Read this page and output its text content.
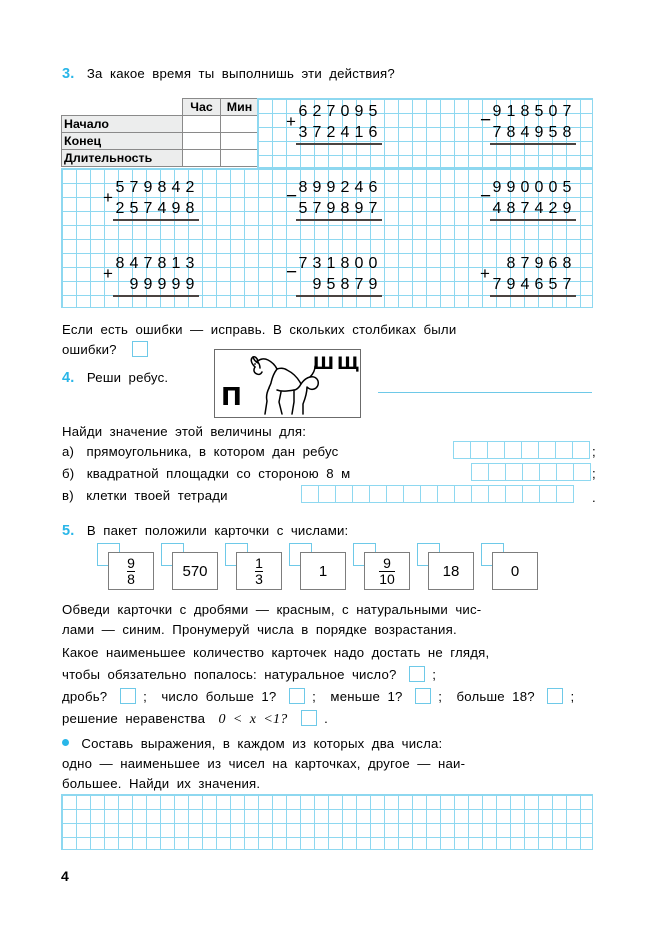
3. За какое время ты выполнишь эти действия?
	Час	Мин
Начало		
Конец		
Длительность		
+
6 2 7 0 9 5
3 7 2 4 1 6
− 9 1 8 5 0 7
7 8 4 9 5 8
+
5 7 9 8 4 2
2 5 7 4 9 8
− 8 9 9 2 4 6
5 7 9 8 9 7
− 9 9 0 0 0 5
4 8 7 4 2 9
+
8 4 7 8 1 3
9 9 9 9 9
− 7 3 1 8 0 0
9 5 8 7 9
+
8 7 9 6 8
7 9 4 6 5 7
Если есть ошибки — исправь. В скольких столбиках были
ошибки?
4. Реши ребус.
П
Ш Щ
Найди значение этой величины для:
а) прямоугольника, в котором дан ребус	;
б) квадратной площадки со стороною 8 м	;
в) клетки твоей тетради	.
5. В пакет положили карточки с числами:
$\frac{9}{8}$	570	$\frac{1}{3}$	1	$\frac{9}{10}$	18	0
Обведи карточки с дробями — красным, с натуральными чис-
лами — синим. Пронумеруй числа в порядке возрастания.
Какое наименьшее количество карточек надо достать не глядя,
чтобы обязательно попалось: натуральное число?	;
дробь?	; число больше 1?	; меньше 1?	; больше 18?	;
решение неравенства 0 < x <1?	.
Составь выражения, в каждом из которых два числа:
одно — наименьшее из чисел на карточках, другое — наи-
большее. Найди их значения.
4
